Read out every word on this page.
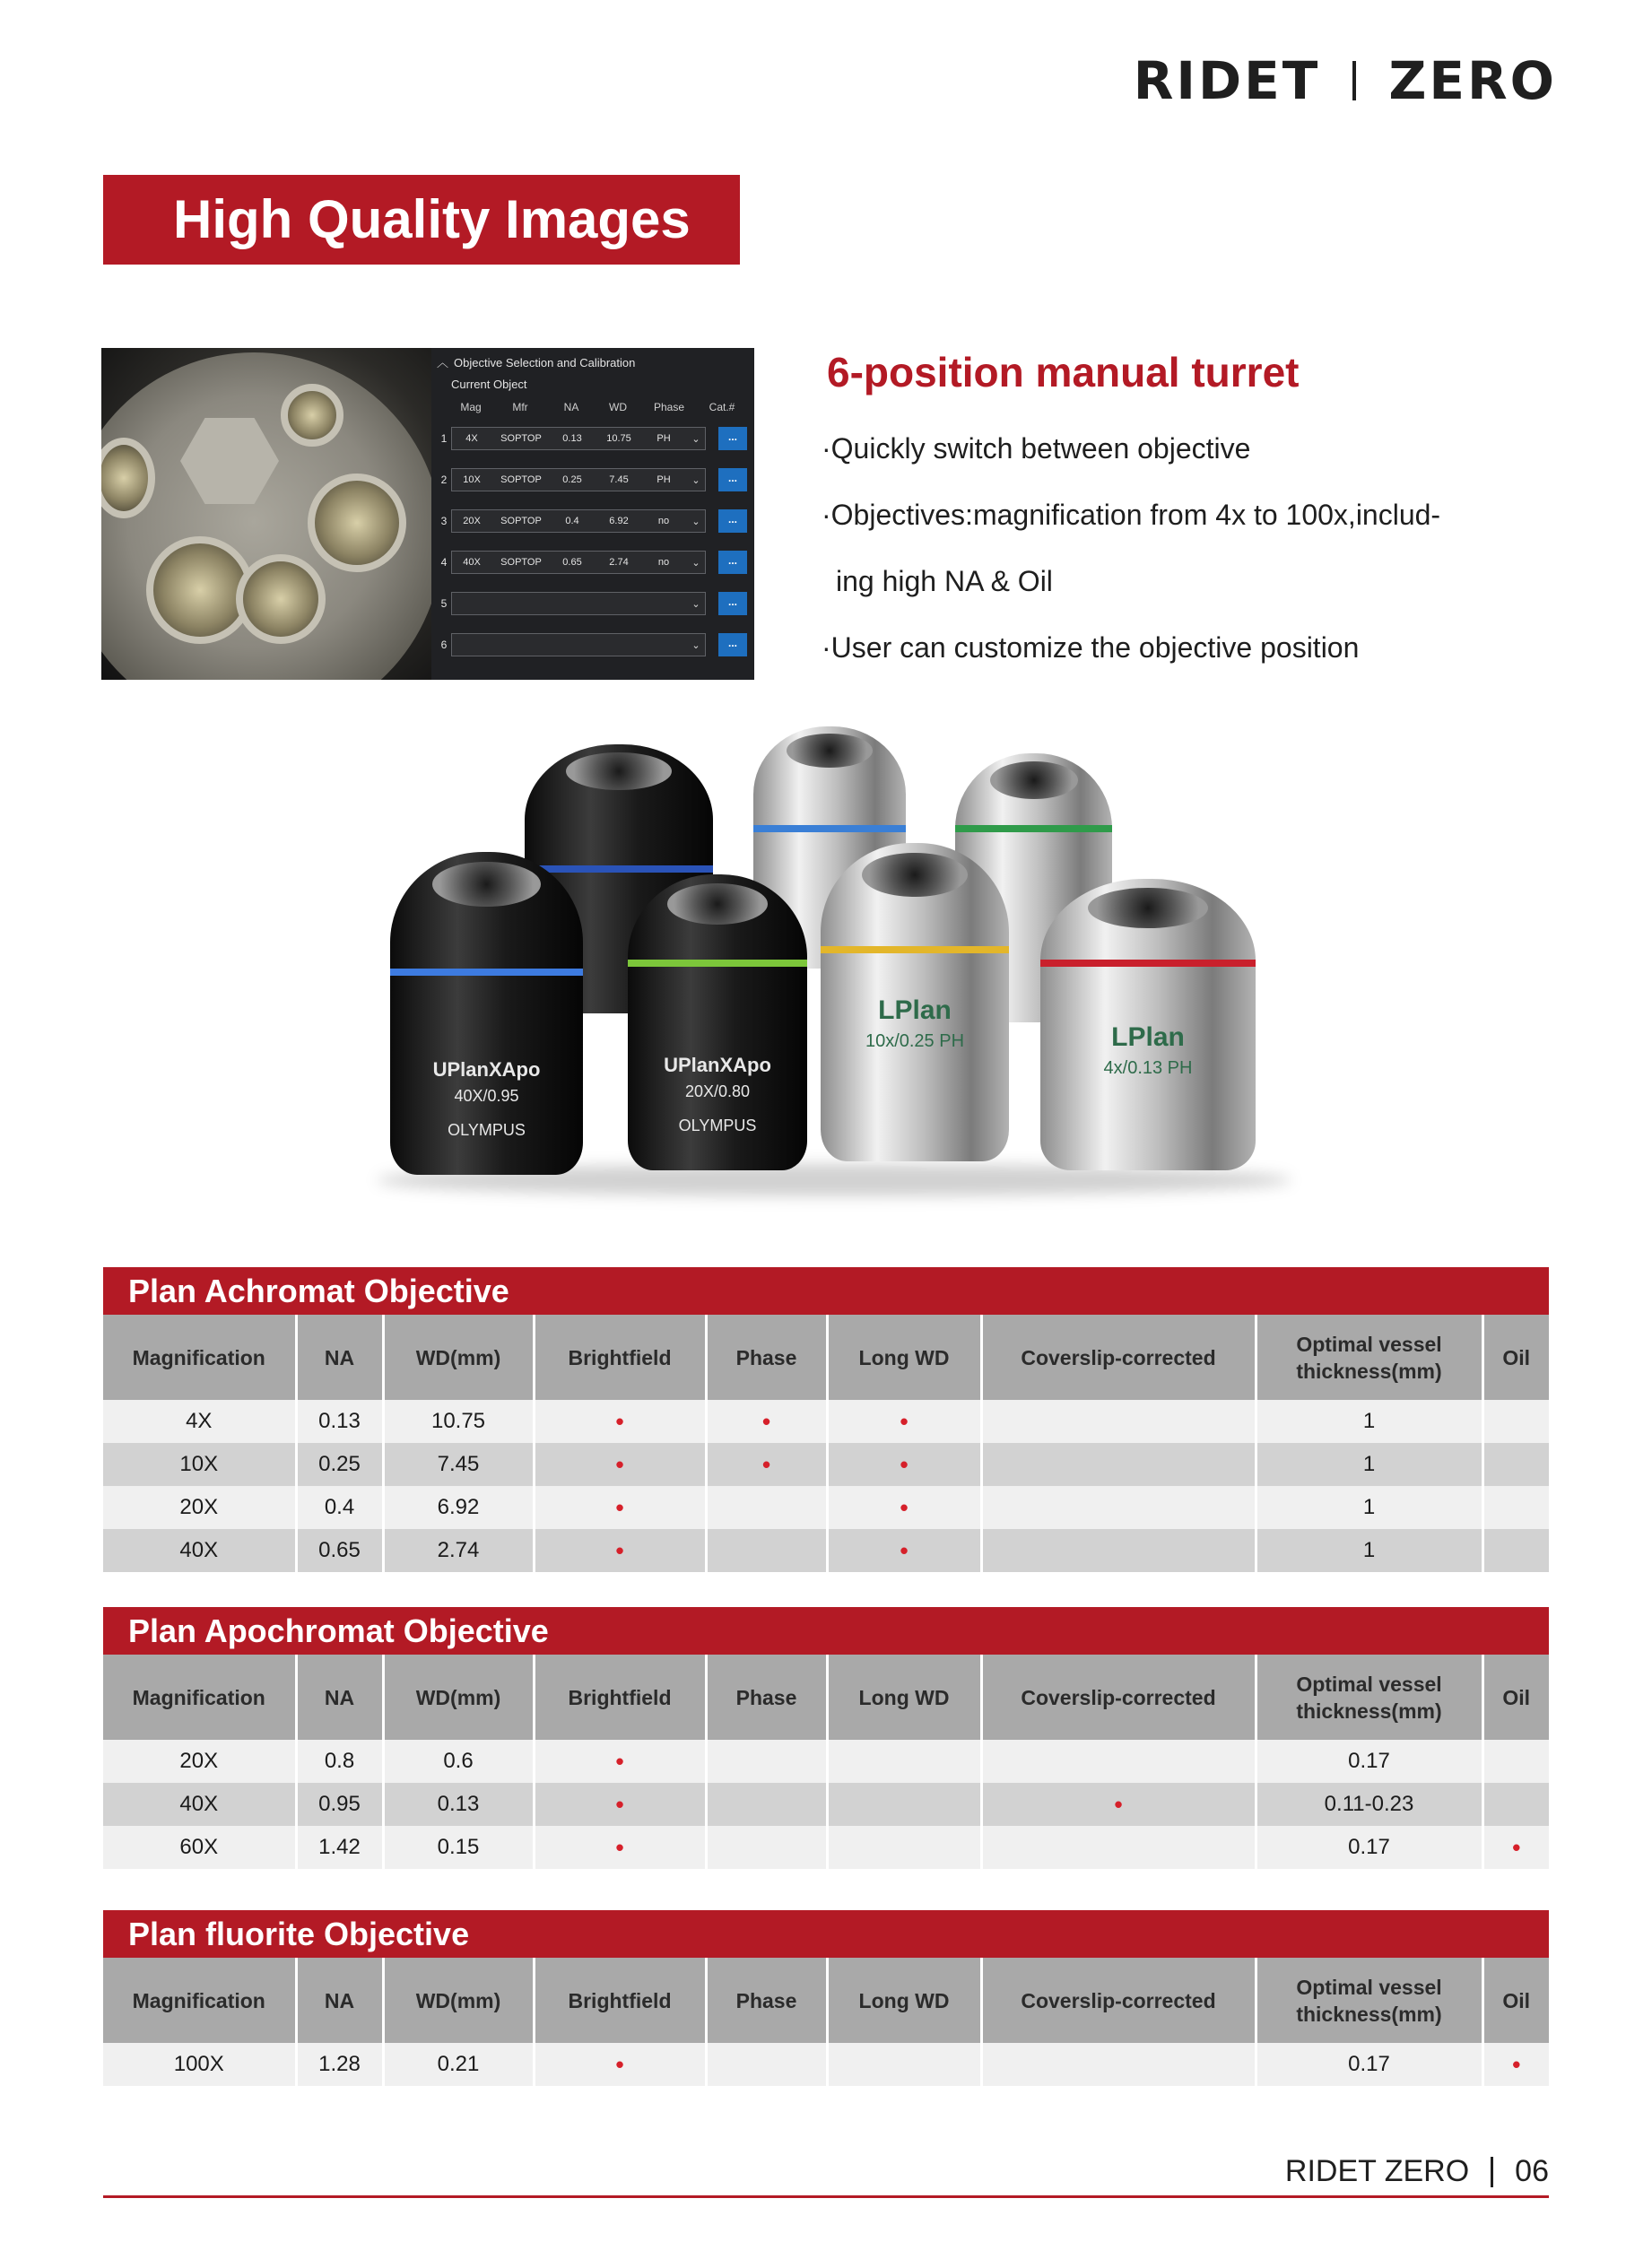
RIDET ZERO
High Quality Images
︿ Objective Selection and Calibration
Current Object
Mag	Mfr	NA	WD	Phase	Cat.#
1	4X	SOPTOP	0.13	10.75	PH	⌄	...
2	10X	SOPTOP	0.25	7.45	PH	⌄	...
3	20X	SOPTOP	0.4	6.92	no	⌄	...
4	40X	SOPTOP	0.65	2.74	no	⌄	...
5	⌄	...
6	⌄	...
6-position manual turret
·Quickly switch between objective
·Objectives:magnification from 4x to 100x,includ-
ing high NA & Oil
·User can customize the objective position
UPlanXApo
40X/0.95
OLYMPUS
UPlanXApo
20X/0.80
OLYMPUS
LPlan
10x/0.25 PH	LPlan
4x/0.13 PH
Plan Achromat Objective
Magnification	NA	WD(mm)	Brightfield	Phase	Long WD	Coverslip-corrected	Optimal vessel thickness(mm)	Oil
4X	0.13	10.75	•	•	•		1	
10X	0.25	7.45	•	•	•		1	
20X	0.4	6.92	•		•		1	
40X	0.65	2.74	•		•		1	
Plan Apochromat Objective
Magnification	NA	WD(mm)	Brightfield	Phase	Long WD	Coverslip-corrected	Optimal vessel thickness(mm)	Oil
20X	0.8	0.6	•				0.17	
40X	0.95	0.13	•			•	0.11-0.23	
60X	1.42	0.15	•				0.17	•
Plan fluorite Objective
Magnification	NA	WD(mm)	Brightfield	Phase	Long WD	Coverslip-corrected	Optimal vessel thickness(mm)	Oil
100X	1.28	0.21	•				0.17	•
RIDET ZERO 06
